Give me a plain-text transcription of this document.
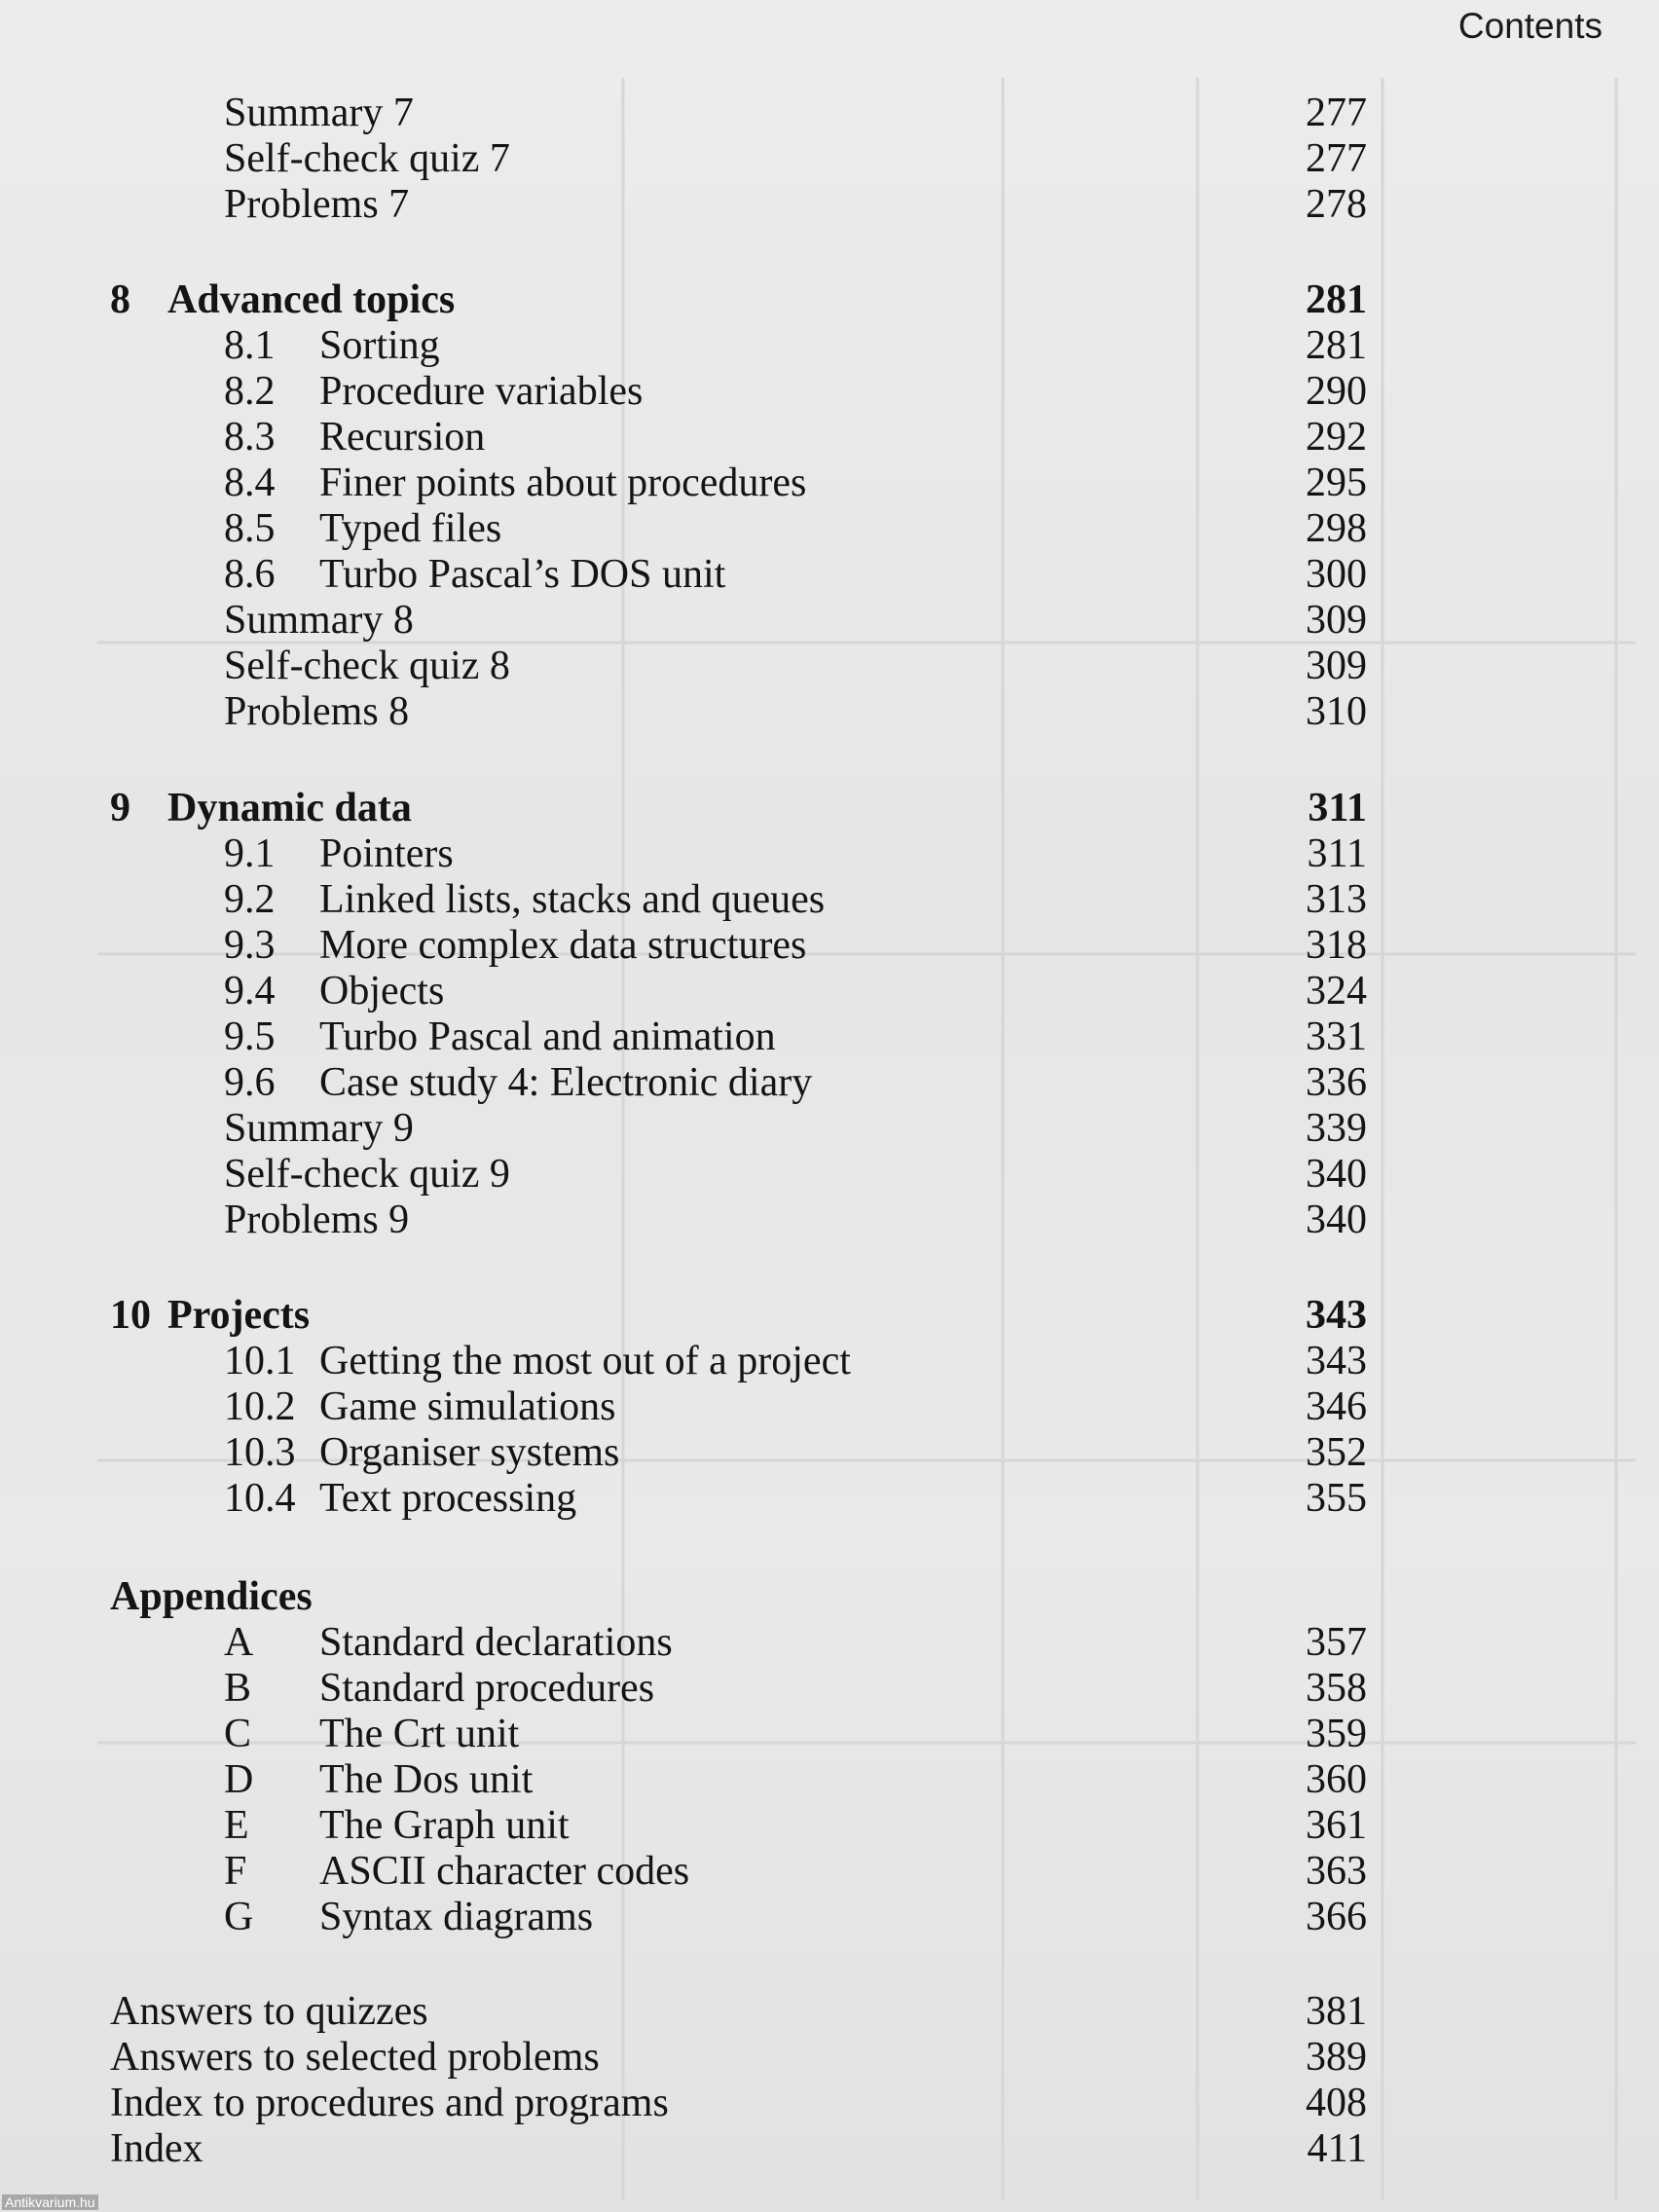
Contents
Summary 7	277
Self-check quiz 7	277
Problems 7	278
8 Advanced topics	281
8.1 Sorting	281
8.2 Procedure variables	290
8.3 Recursion	292
8.4 Finer points about procedures	295
8.5 Typed files	298
8.6 Turbo Pascal’s DOS unit	300
Summary 8	309
Self-check quiz 8	309
Problems 8	310
9 Dynamic data	311
9.1 Pointers	311
9.2 Linked lists, stacks and queues	313
9.3 More complex data structures	318
9.4 Objects	324
9.5 Turbo Pascal and animation	331
9.6 Case study 4: Electronic diary	336
Summary 9	339
Self-check quiz 9	340
Problems 9	340
10 Projects	343
10.1 Getting the most out of a project	343
10.2 Game simulations	346
10.3 Organiser systems	352
10.4 Text processing	355
Appendices
A Standard declarations	357
B Standard procedures	358
C The Crt unit	359
D The Dos unit	360
E The Graph unit	361
F ASCII character codes	363
G Syntax diagrams	366
Answers to quizzes	381
Answers to selected problems	389
Index to procedures and programs	408
Index	411
Antikvarium.hu
